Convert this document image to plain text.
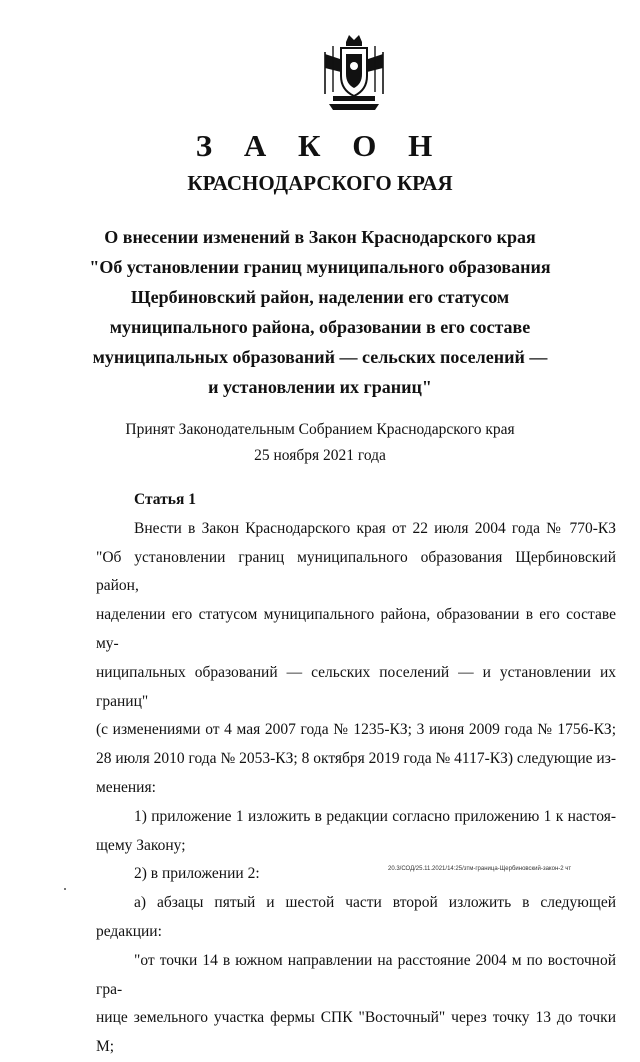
З А К О Н
КРАСНОДАРСКОГО КРАЯ
О внесении изменений в Закон Краснодарского края
"Об установлении границ муниципального образования
Щербиновский район, наделении его статусом
муниципального района, образовании в его составе
муниципальных образований — сельских поселений —
и установлении их границ"
Принят Законодательным Собранием Краснодарского края
25 ноября 2021 года

Статья 1

Внести в Закон Краснодарского края от 22 июля 2004 года № 770-КЗ

"Об установлении границ муниципального образования Щербиновский район,

наделении его статусом муниципального района, образовании в его составе му-

ниципальных образований — сельских поселений — и установлении их границ"

(с изменениями от 4 мая 2007 года № 1235-КЗ; 3 июня 2009 года № 1756-КЗ;

28 июля 2010 года № 2053-КЗ; 8 октября 2019 года № 4117-КЗ) следующие из-

менения:

1) приложение 1 изложить в редакции согласно приложению 1 к настоя-

щему Закону;

2) в приложении 2:

а) абзацы пятый и шестой части второй изложить в следующей редакции:

"от точки 14 в южном направлении на расстояние 2004 м по восточной гра-

нице земельного участка фермы СПК "Восточный" через точку 13 до точки М;

20.3/СОД/25.11.2021/14:25/зтм-граница-Щербиновский-закон-2 чт
